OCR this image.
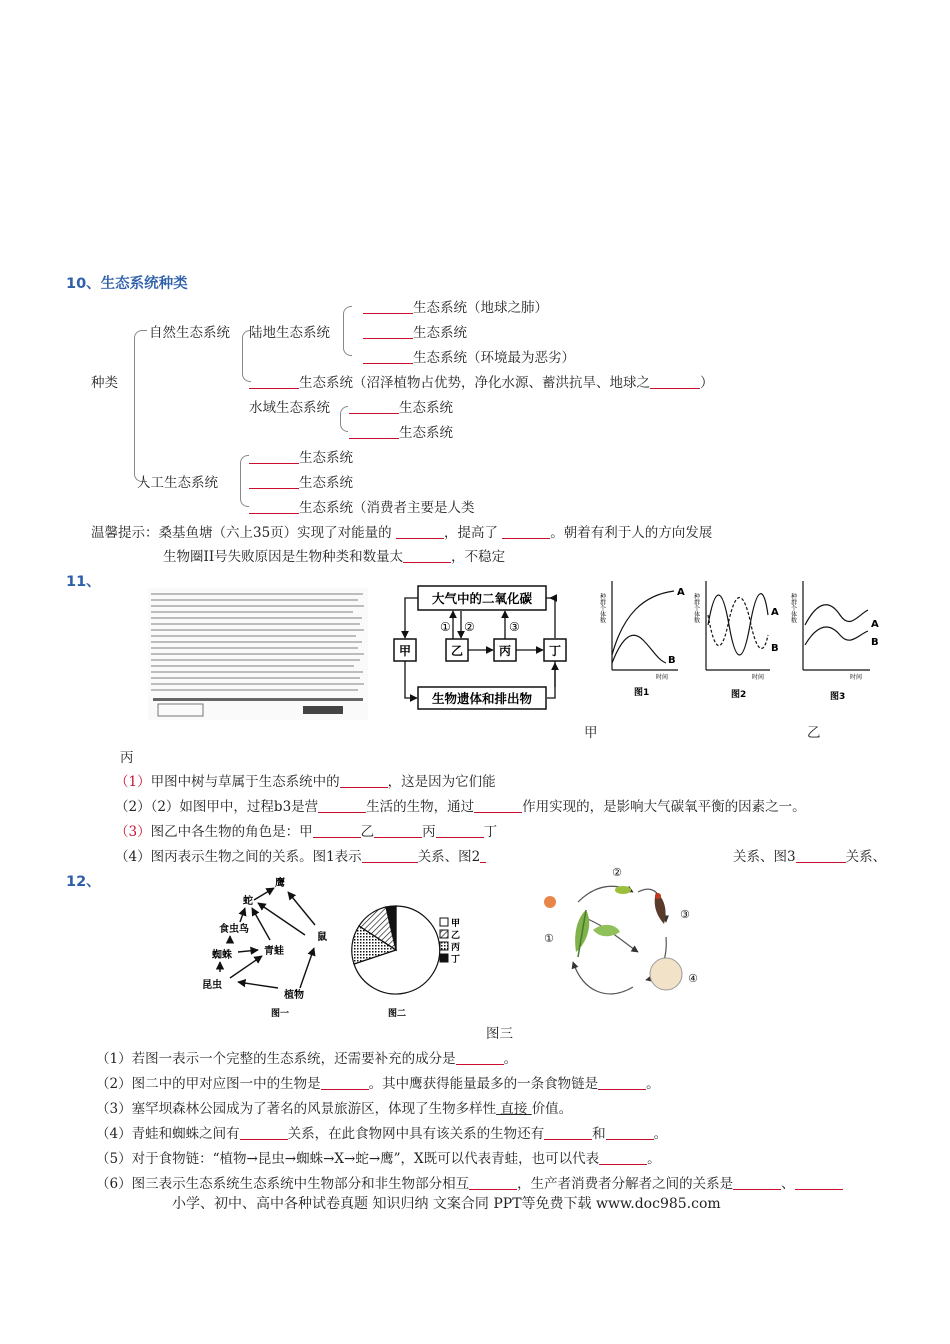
10、生态系统种类
种类
自然生态系统 陆地生态系统
生态系统（地球之肺）
生态系统
生态系统（环境最为恶劣）
生态系统（沼泽植物占优势，净化水源、蓄洪抗旱、地球之	）
水域生态系统	生态系统
生态系统
生态系统
人工生态系统	生态系统
生态系统（消费者主要是人类
温馨提示：桑基鱼塘（六上35页）实现了对能量的	，提高了	。朝着有利于人的方向发展
生物圈II号失败原因是生物种类和数量太	，不稳定
11、
大气中的二氧化碳
甲	乙	丙	丁
生物遗体和排出物
① ②	③
种群个体数	种群个体数	种群个体数
时间	时间	时间
A
B
A
B
A
B
图1	图2	图3
甲	乙
丙
（1）甲图中树与草属于生态系统中的	，这是因为它们能
（2）（2）如图甲中，过程b3是营	生活的生物，通过	作用实现的，是影响大气碳氧平衡的因素之一。
（3）图乙中各生物的角色是：甲	乙	丙	丁
（4）图丙表示生物之间的关系。图1表示	关系、图2	关系、图3	关系、
12、	鹰
蛇
食虫鸟
青蛙
蜘蛛
鼠
昆虫
植物
图一
甲
乙
丙
丁
图二
①
②
③
④
图三
（1）若图一表示一个完整的生态系统，还需要补充的成分是	。
（2）图二中的甲对应图一中的生物是	。其中鹰获得能量最多的一条食物链是	。
（3）塞罕坝森林公园成为了著名的风景旅游区，体现了生物多样性 直接 价值。
（4）青蛙和蜘蛛之间有	关系，在此食物网中具有该关系的生物还有	和	。
（5）对于食物链：“植物→昆虫→蜘蛛→X→蛇→鹰”，X既可以代表青蛙，也可以代表	。
（6）图三表示生态系统生态系统中生物部分和非生物部分相互	，生产者消费者分解者之间的关系是	、
小学、初中、高中各种试卷真题 知识归纳 文案合同 PPT等免费下载 www.doc985.com
